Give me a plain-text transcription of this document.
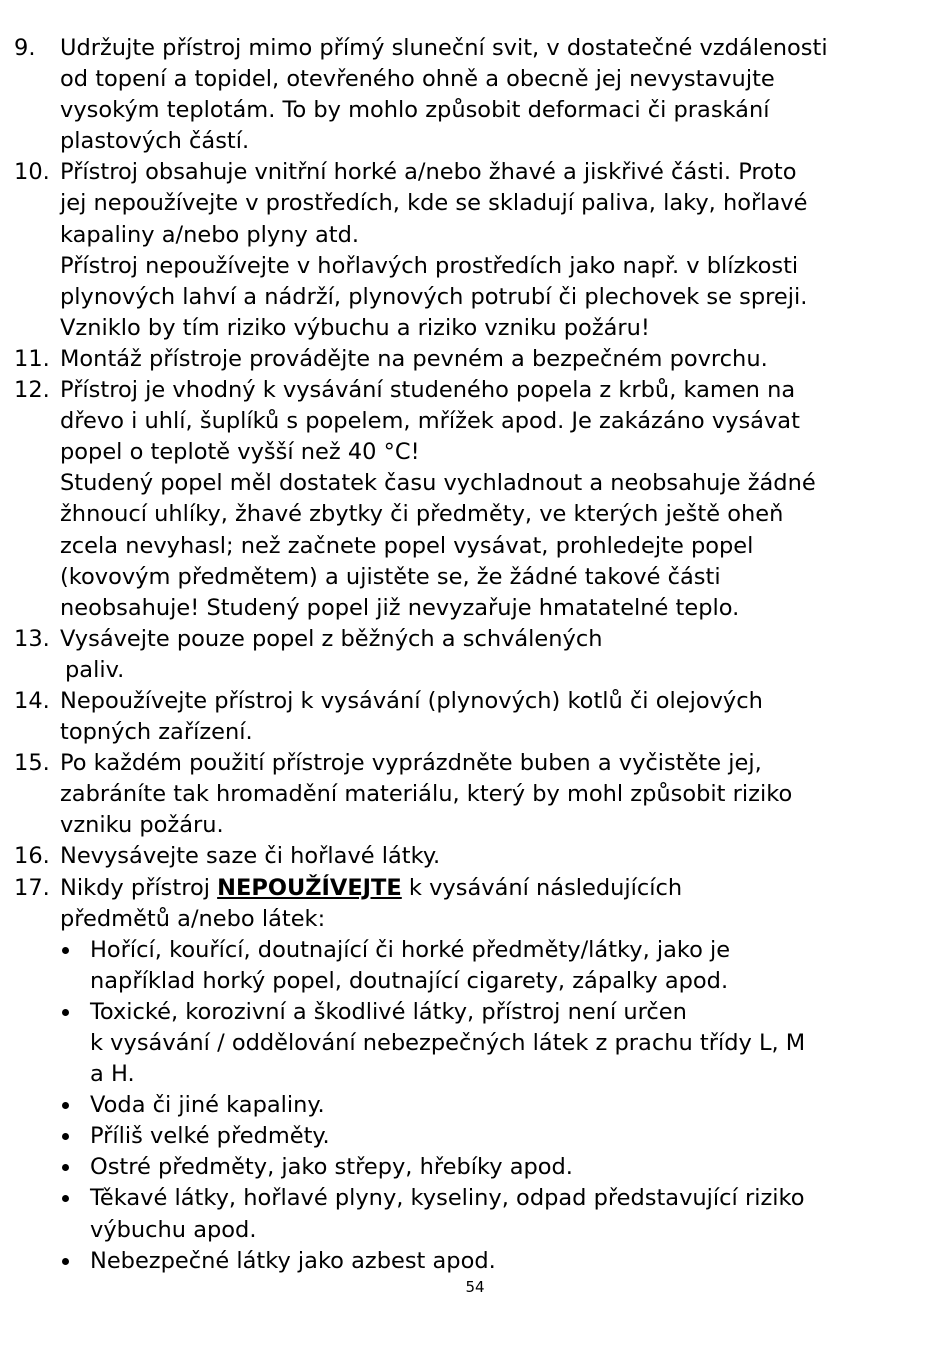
9. Udržujte přístroj mimo přímý sluneční svit, v dostatečné vzdálenosti
od topení a topidel, otevřeného ohně a obecně jej nevystavujte
vysokým teplotám. To by mohlo způsobit deformaci či praskání
plastových částí.
10. Přístroj obsahuje vnitřní horké a/nebo žhavé a jiskřivé části. Proto
jej nepoužívejte v prostředích, kde se skladují paliva, laky, hořlavé
kapaliny a/nebo plyny atd.
Přístroj nepoužívejte v hořlavých prostředích jako např. v blízkosti
plynových lahví a nádrží, plynových potrubí či plechovek se spreji.
Vzniklo by tím riziko výbuchu a riziko vzniku požáru!
11. Montáž přístroje provádějte na pevném a bezpečném povrchu.
12. Přístroj je vhodný k vysávání studeného popela z krbů, kamen na
dřevo i uhlí, šuplíků s popelem, mřížek apod. Je zakázáno vysávat
popel o teplotě vyšší než 40 °C!
Studený popel měl dostatek času vychladnout a neobsahuje žádné
žhnoucí uhlíky, žhavé zbytky či předměty, ve kterých ještě oheň
zcela nevyhasl; než začnete popel vysávat, prohledejte popel
(kovovým předmětem) a ujistěte se, že žádné takové části
neobsahuje! Studený popel již nevyzařuje hmatatelné teplo.
13. Vysávejte pouze popel z běžných a schválených
paliv.
14. Nepoužívejte přístroj k vysávání (plynových) kotlů či olejových
topných zařízení.
15. Po každém použití přístroje vyprázdněte buben a vyčistěte jej,
zabráníte tak hromadění materiálu, který by mohl způsobit riziko
vzniku požáru.
16. Nevysávejte saze či hořlavé látky.
17. Nikdy přístroj NEPOUŽÍVEJTE k vysávání následujících
předmětů a/nebo látek:
Hořící, kouřící, doutnající či horké předměty/látky, jako je
například horký popel, doutnající cigarety, zápalky apod.
Toxické, korozivní a škodlivé látky, přístroj není určen
k vysávání / oddělování nebezpečných látek z prachu třídy L, M
a H.
Voda či jiné kapaliny.
Příliš velké předměty.
Ostré předměty, jako střepy, hřebíky apod.
Těkavé látky, hořlavé plyny, kyseliny, odpad představující riziko
výbuchu apod.
Nebezpečné látky jako azbest apod.
54
